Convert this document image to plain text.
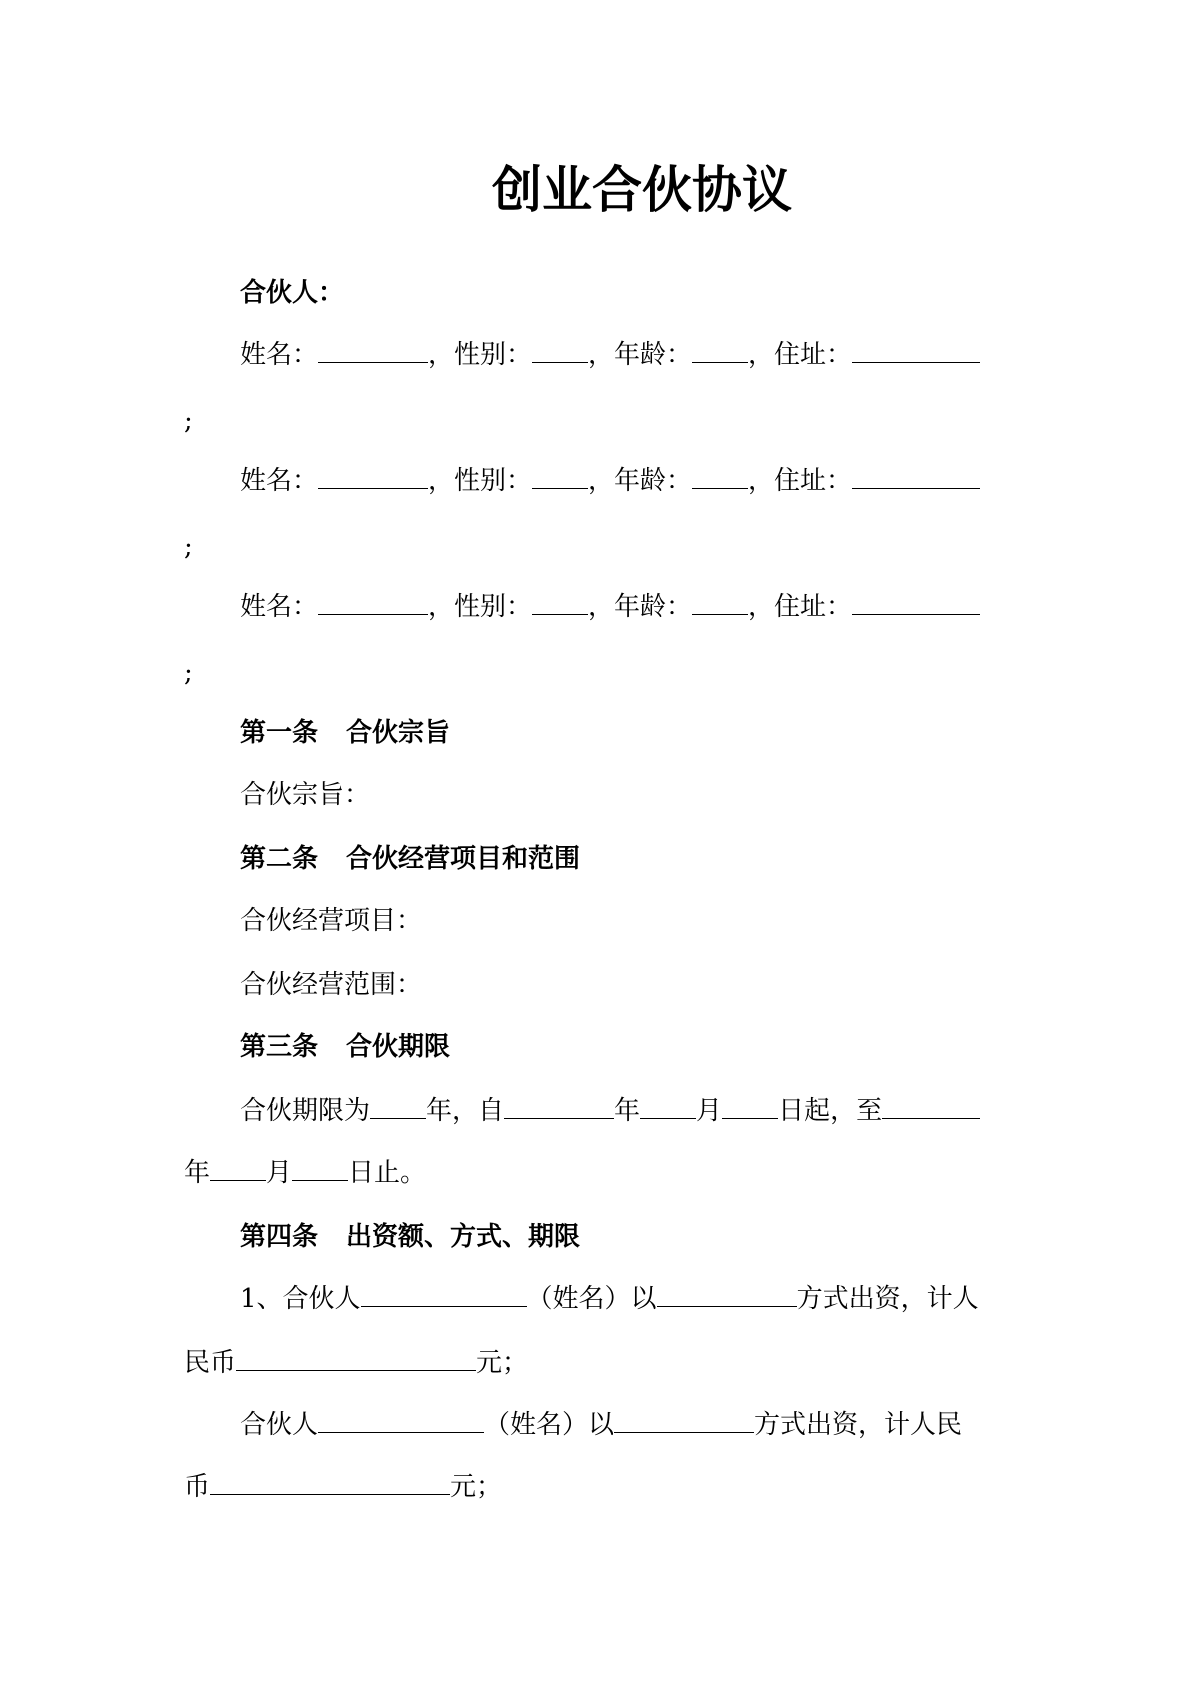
创业合伙协议
合伙人：
姓名：	，性别： ，年龄： ，住址：
;
姓名：	，性别： ，年龄： ，住址：
;
姓名：	，性别： ，年龄： ，住址：
;
第一条 合伙宗旨
合伙宗旨：
第二条 合伙经营项目和范围
合伙经营项目：
合伙经营范围：
第三条 合伙期限
合伙期限为 年，自	年 月 日起，至
年 月 日止。
第四条 出资额、方式、期限
1、合伙人	（姓名）以	方式出资，计人
民币	元；
合伙人	（姓名）以	方式出资，计人民
币	元；
